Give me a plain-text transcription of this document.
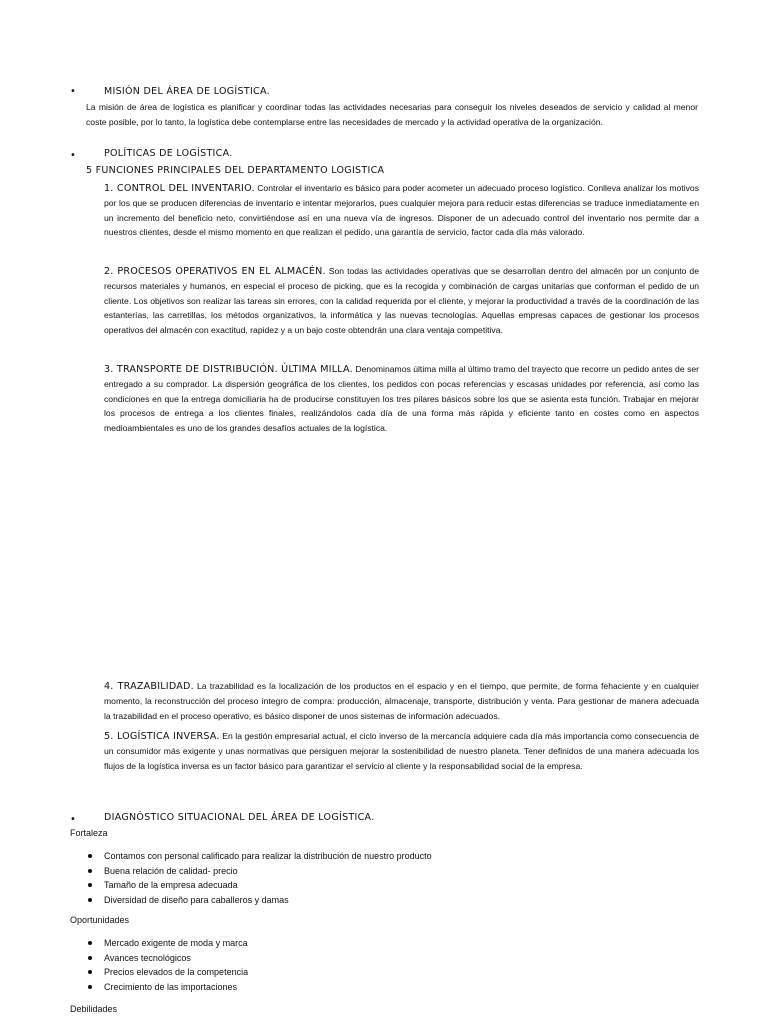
•	MISIÓN DEL ÁREA DE LOGÍSTICA.

La misión de área de logística es planificar y coordinar todas las actividades necesarias para conseguir los niveles deseados de servicio y calidad al menor coste posible, por lo tanto, la logística debe contemplarse entre las necesidades de mercado y la actividad operativa de la organización.

•	POLÍTICAS DE LOGÍSTICA.
5 FUNCIONES PRINCIPALES DEL DEPARTAMENTO LOGISTICA

1. CONTROL DEL INVENTARIO. Controlar el inventario es básico para poder acometer un adecuado proceso logístico. Conlleva analizar los motivos por los que se producen diferencias de inventario e intentar mejorarlos, pues cualquier mejora para reducir estas diferencias se traduce inmediatamente en un incremento del beneficio neto, convirtiéndose así en una nueva vía de ingresos. Disponer de un adecuado control del inventario nos permite dar a nuestros clientes, desde el mismo momento en que realizan el pedido, una garantía de servicio, factor cada día más valorado.

2. PROCESOS OPERATIVOS EN EL ALMACÉN. Son todas las actividades operativas que se desarrollan dentro del almacén por un conjunto de recursos materiales y humanos, en especial el proceso de picking, que es la recogida y combinación de cargas unitarias que conforman el pedido de un cliente. Los objetivos son realizar las tareas sin errores, con la calidad requerida por el cliente, y mejorar la productividad a través de la coordinación de las estanterías, las carretillas, los métodos organizativos, la informática y las nuevas tecnologías. Aquellas empresas capaces de gestionar los procesos operativos del almacén con exactitud, rapidez y a un bajo coste obtendrán una clara ventaja competitiva.

3. TRANSPORTE DE DISTRIBUCIÓN. ÚLTIMA MILLA. Denominamos última milla al último tramo del trayecto que recorre un pedido antes de ser entregado a su comprador. La dispersión geográfica de los clientes, los pedidos con pocas referencias y escasas unidades por referencia, así como las condiciones en que la entrega domiciliaria ha de producirse constituyen los tres pilares básicos sobre los que se asienta esta función. Trabajar en mejorar los procesos de entrega a los clientes finales, realizándolos cada día de una forma más rápida y eficiente tanto en costes como en aspectos medioambientales es uno de los grandes desafíos actuales de la logística.

4. TRAZABILIDAD. La trazabilidad es la localización de los productos en el espacio y en el tiempo, que permite, de forma fehaciente y en cualquier momento, la reconstrucción del proceso íntegro de compra: producción, almacenaje, transporte, distribución y venta. Para gestionar de manera adecuada la trazabilidad en el proceso operativo, es básico disponer de unos sistemas de información adecuados.

5. LOGÍSTICA INVERSA. En la gestión empresarial actual, el ciclo inverso de la mercancía adquiere cada día más importancia como consecuencia de un consumidor más exigente y unas normativas que persiguen mejorar la sostenibilidad de nuestro planeta. Tener definidos de una manera adecuada los flujos de la logística inversa es un factor básico para garantizar el servicio al cliente y la responsabilidad social de la empresa.

•	DIAGNÓSTICO SITUACIONAL DEL ÁREA DE LOGÍSTICA.
Fortaleza
Contamos con personal calificado para realizar la distribución de nuestro producto
Buena relación de calidad- precio
Tamaño de la empresa adecuada
Diversidad de diseño para caballeros y damas
Oportunidades
Mercado exigente de moda y marca
Avances tecnológicos
Precios elevados de la competencia
Crecimiento de las importaciones
Debilidades
